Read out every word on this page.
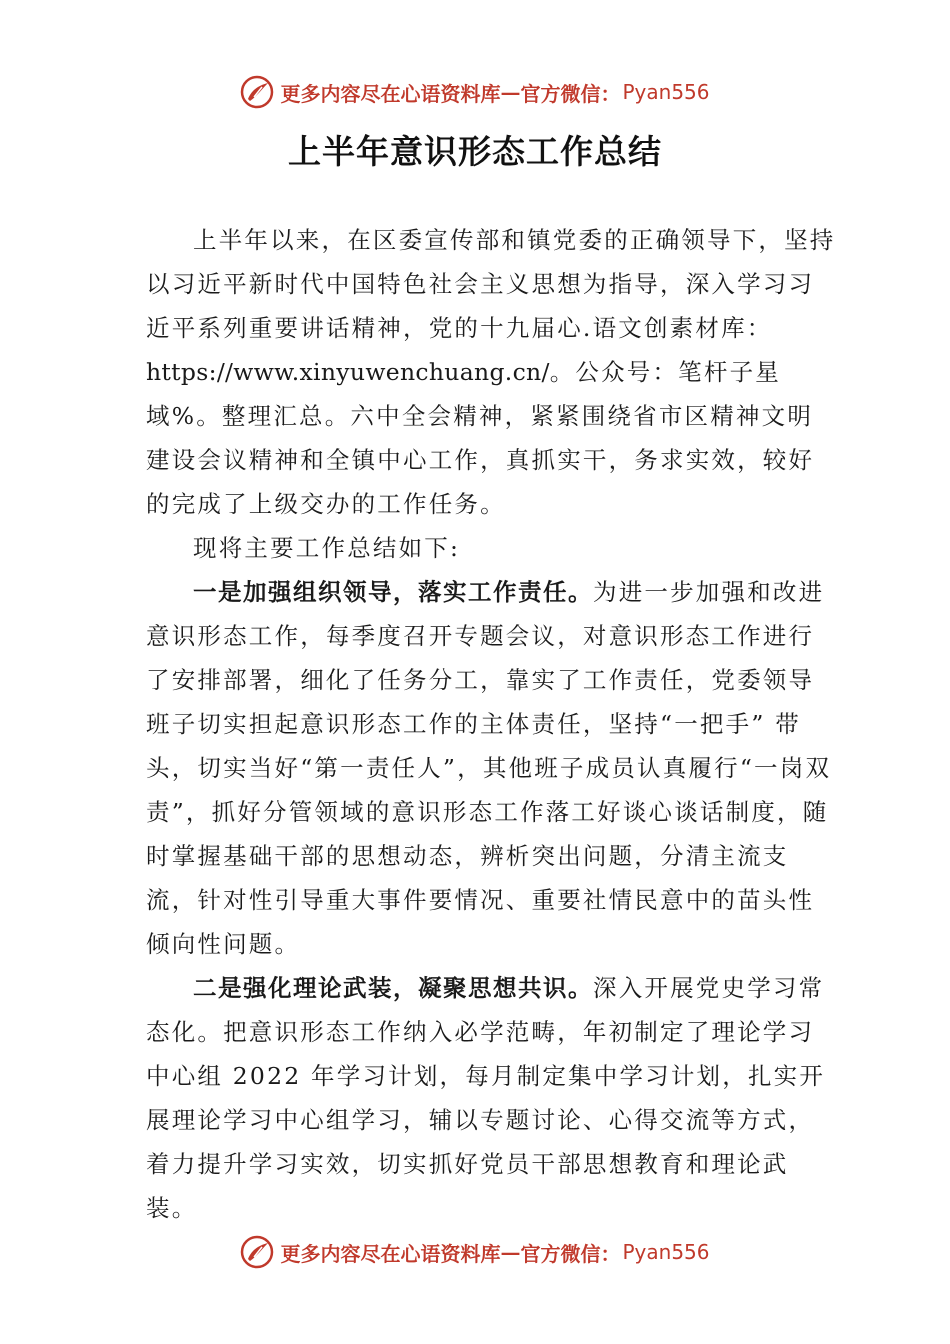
更多内容尽在心语资料库 — 官方微信： Pyan556
上半年意识形态工作总结

上半年以来，在区委宣传部和镇党委的正确领导下，坚持以习近平新时代中国特色社会主义思想为指导，深入学习习近平系列重要讲话精神，党的十九届心.语文创素材库：https://www.xinyuwenchuang.cn/。公众号：笔杆子星域%。整理汇总。六中全会精神，紧紧围绕省市区精神文明建设会议精神和全镇中心工作，真抓实干，务求实效，较好的完成了上级交办的工作任务。

现将主要工作总结如下:

一是加强组织领导，落实工作责任。为进一步加强和改进意识形态工作，每季度召开专题会议，对意识形态工作进行了安排部署，细化了任务分工，靠实了工作责任，党委领导班子切实担起意识形态工作的主体责任，坚持“一把手” 带头，切实当好“第一责任人”，其他班子成员认真履行“一岗双责”，抓好分管领域的意识形态工作落工好谈心谈话制度，随时掌握基础干部的思想动态，辨析突出问题，分清主流支流，针对性引导重大事件要情况、重要社情民意中的苗头性倾向性问题。

二是强化理论武装，凝聚思想共识。深入开展党史学习常态化。把意识形态工作纳入必学范畴，年初制定了理论学习中心组 2022 年学习计划，每月制定集中学习计划，扎实开展理论学习中心组学习，辅以专题讨论、心得交流等方式， 着力提升学习实效，切实抓好党员干部思想教育和理论武装。

更多内容尽在心语资料库 — 官方微信： Pyan556
